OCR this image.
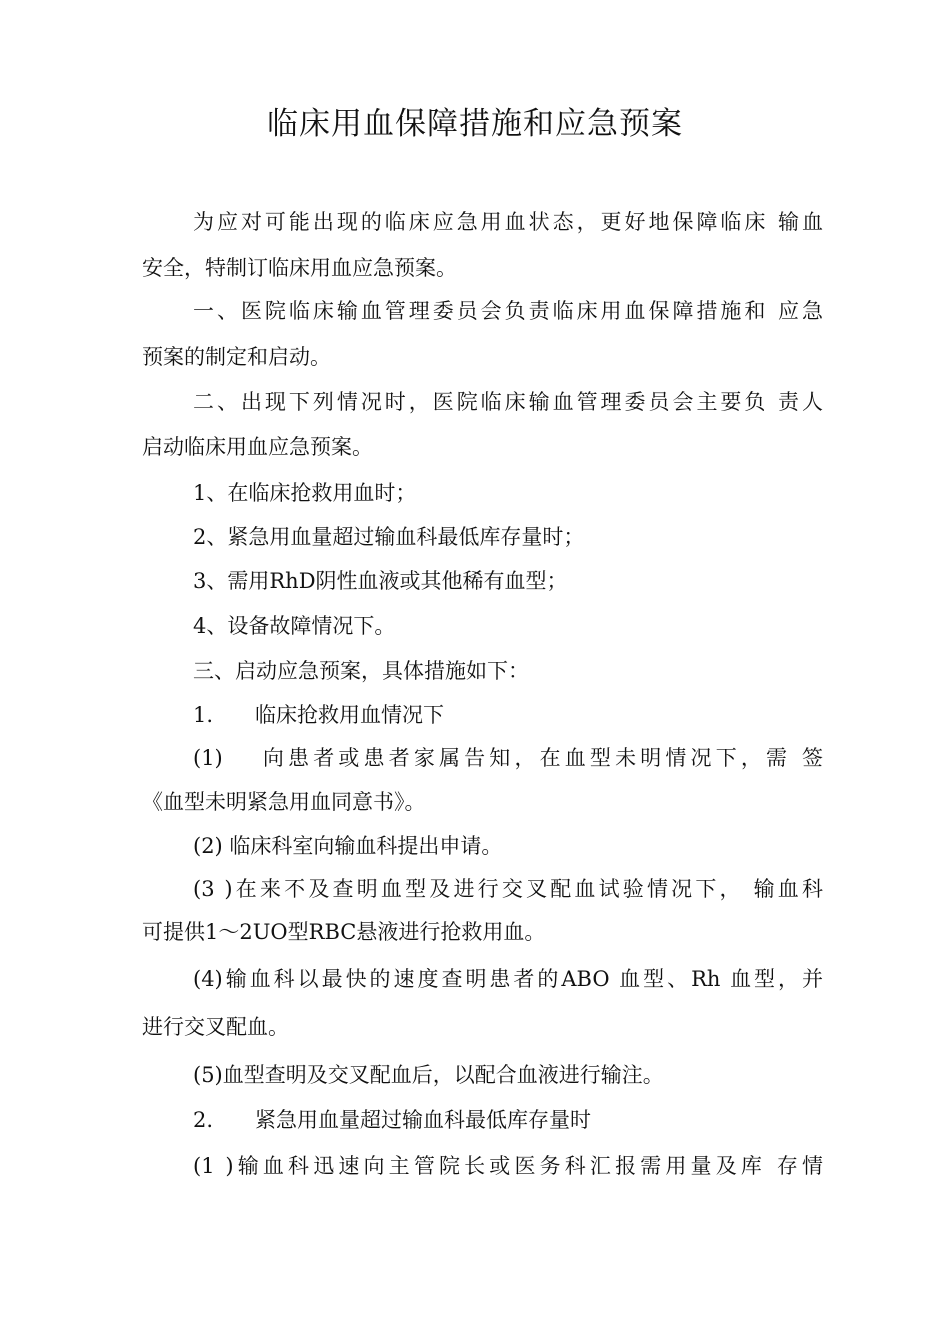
临床用血保障措施和应急预案
为应对可能出现的临床应急用血状态，更好地保障临床 输血
安全，特制订临床用血应急预案。
一、医院临床输血管理委员会负责临床用血保障措施和 应急
预案的制定和启动。
二、出现下列情况时，医院临床输血管理委员会主要负 责人
启动临床用血应急预案。
1、在临床抢救用血时；
2、紧急用血量超过输血科最低库存量时；
3、需用RhD阴性血液或其他稀有血型；
4、设备故障情况下。
三、启动应急预案，具体措施如下：
1.　　临床抢救用血情况下
(1)　 向患者或患者家属告知，在血型未明情况下，需 签
《血型未明紧急用血同意书》。
(2) 临床科室向输血科提出申请。
(3 )在来不及查明血型及进行交叉配血试验情况下， 输血科
可提供1〜2UO型RBC悬液进行抢救用血。
(4)输血科以最快的速度查明患者的ABO 血型、Rh 血型，并
进行交叉配血。
(5)血型查明及交叉配血后，以配合血液进行输注。
2.　　紧急用血量超过输血科最低库存量时
(1 )输血科迅速向主管院长或医务科汇报需用量及库 存情
